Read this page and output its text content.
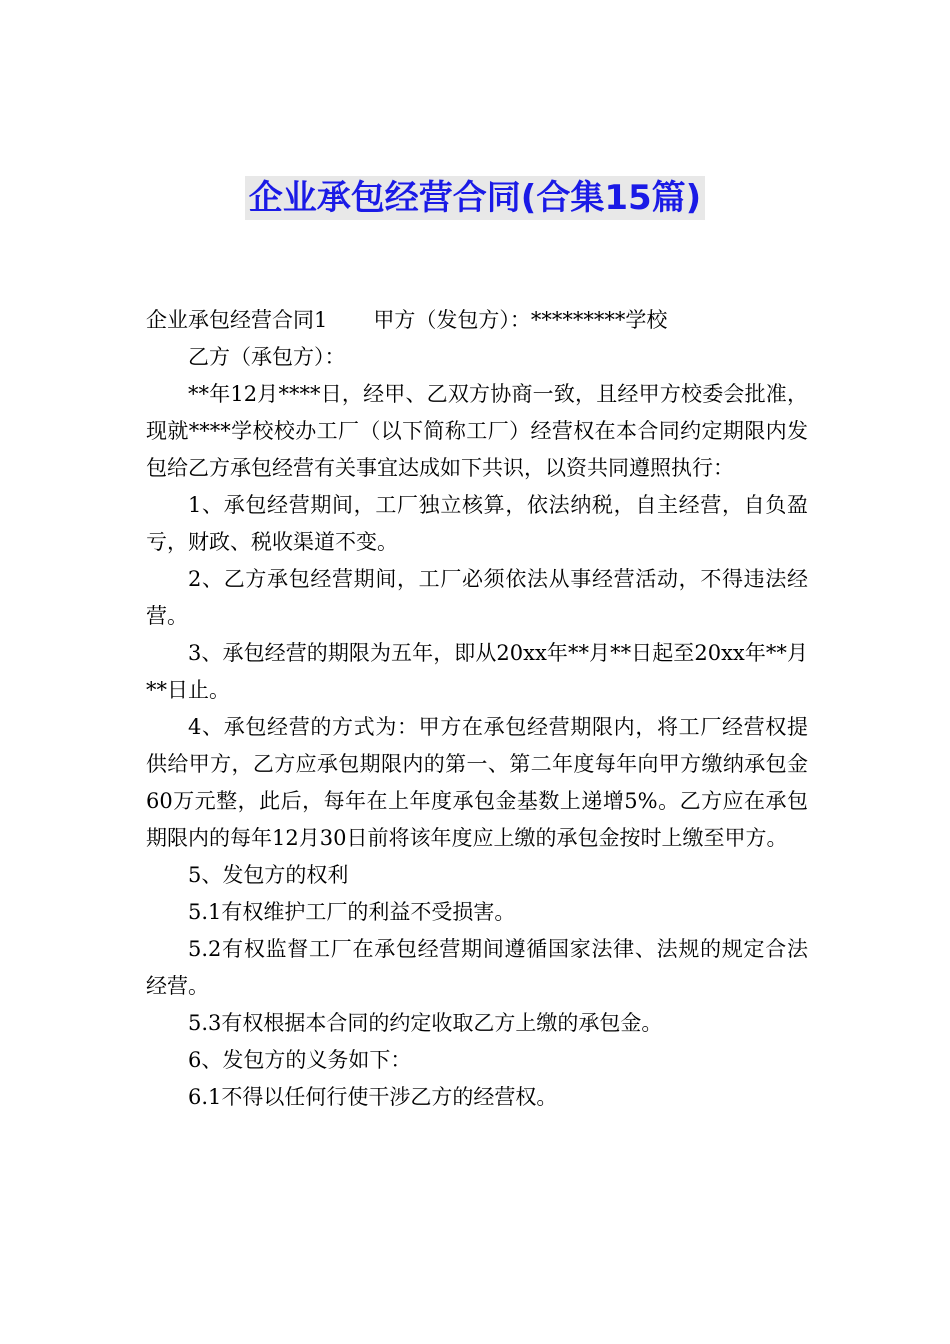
企业承包经营合同(合集15篇)

企业承包经营合同1 甲方（发包方）：*********学校

乙方（承包方）：

**年12月****日，经甲、乙双方协商一致，且经甲方校委会批准，现就****学校校办工厂（以下简称工厂）经营权在本合同约定期限内发包给乙方承包经营有关事宜达成如下共识，以资共同遵照执行：

1、承包经营期间，工厂独立核算，依法纳税，自主经营，自负盈亏，财政、税收渠道不变。

2、乙方承包经营期间，工厂必须依法从事经营活动，不得违法经营。

3、承包经营的期限为五年，即从20xx年**月**日起至20xx年**月**日止。

4、承包经营的方式为：甲方在承包经营期限内，将工厂经营权提供给甲方，乙方应承包期限内的第一、第二年度每年向甲方缴纳承包金60万元整，此后，每年在上年度承包金基数上递增5%。乙方应在承包期限内的每年12月30日前将该年度应上缴的承包金按时上缴至甲方。

5、发包方的权利

5.1有权维护工厂的利益不受损害。

5.2有权监督工厂在承包经营期间遵循国家法律、法规的规定合法经营。

5.3有权根据本合同的约定收取乙方上缴的承包金。

6、发包方的义务如下：

6.1不得以任何行使干涉乙方的经营权。
